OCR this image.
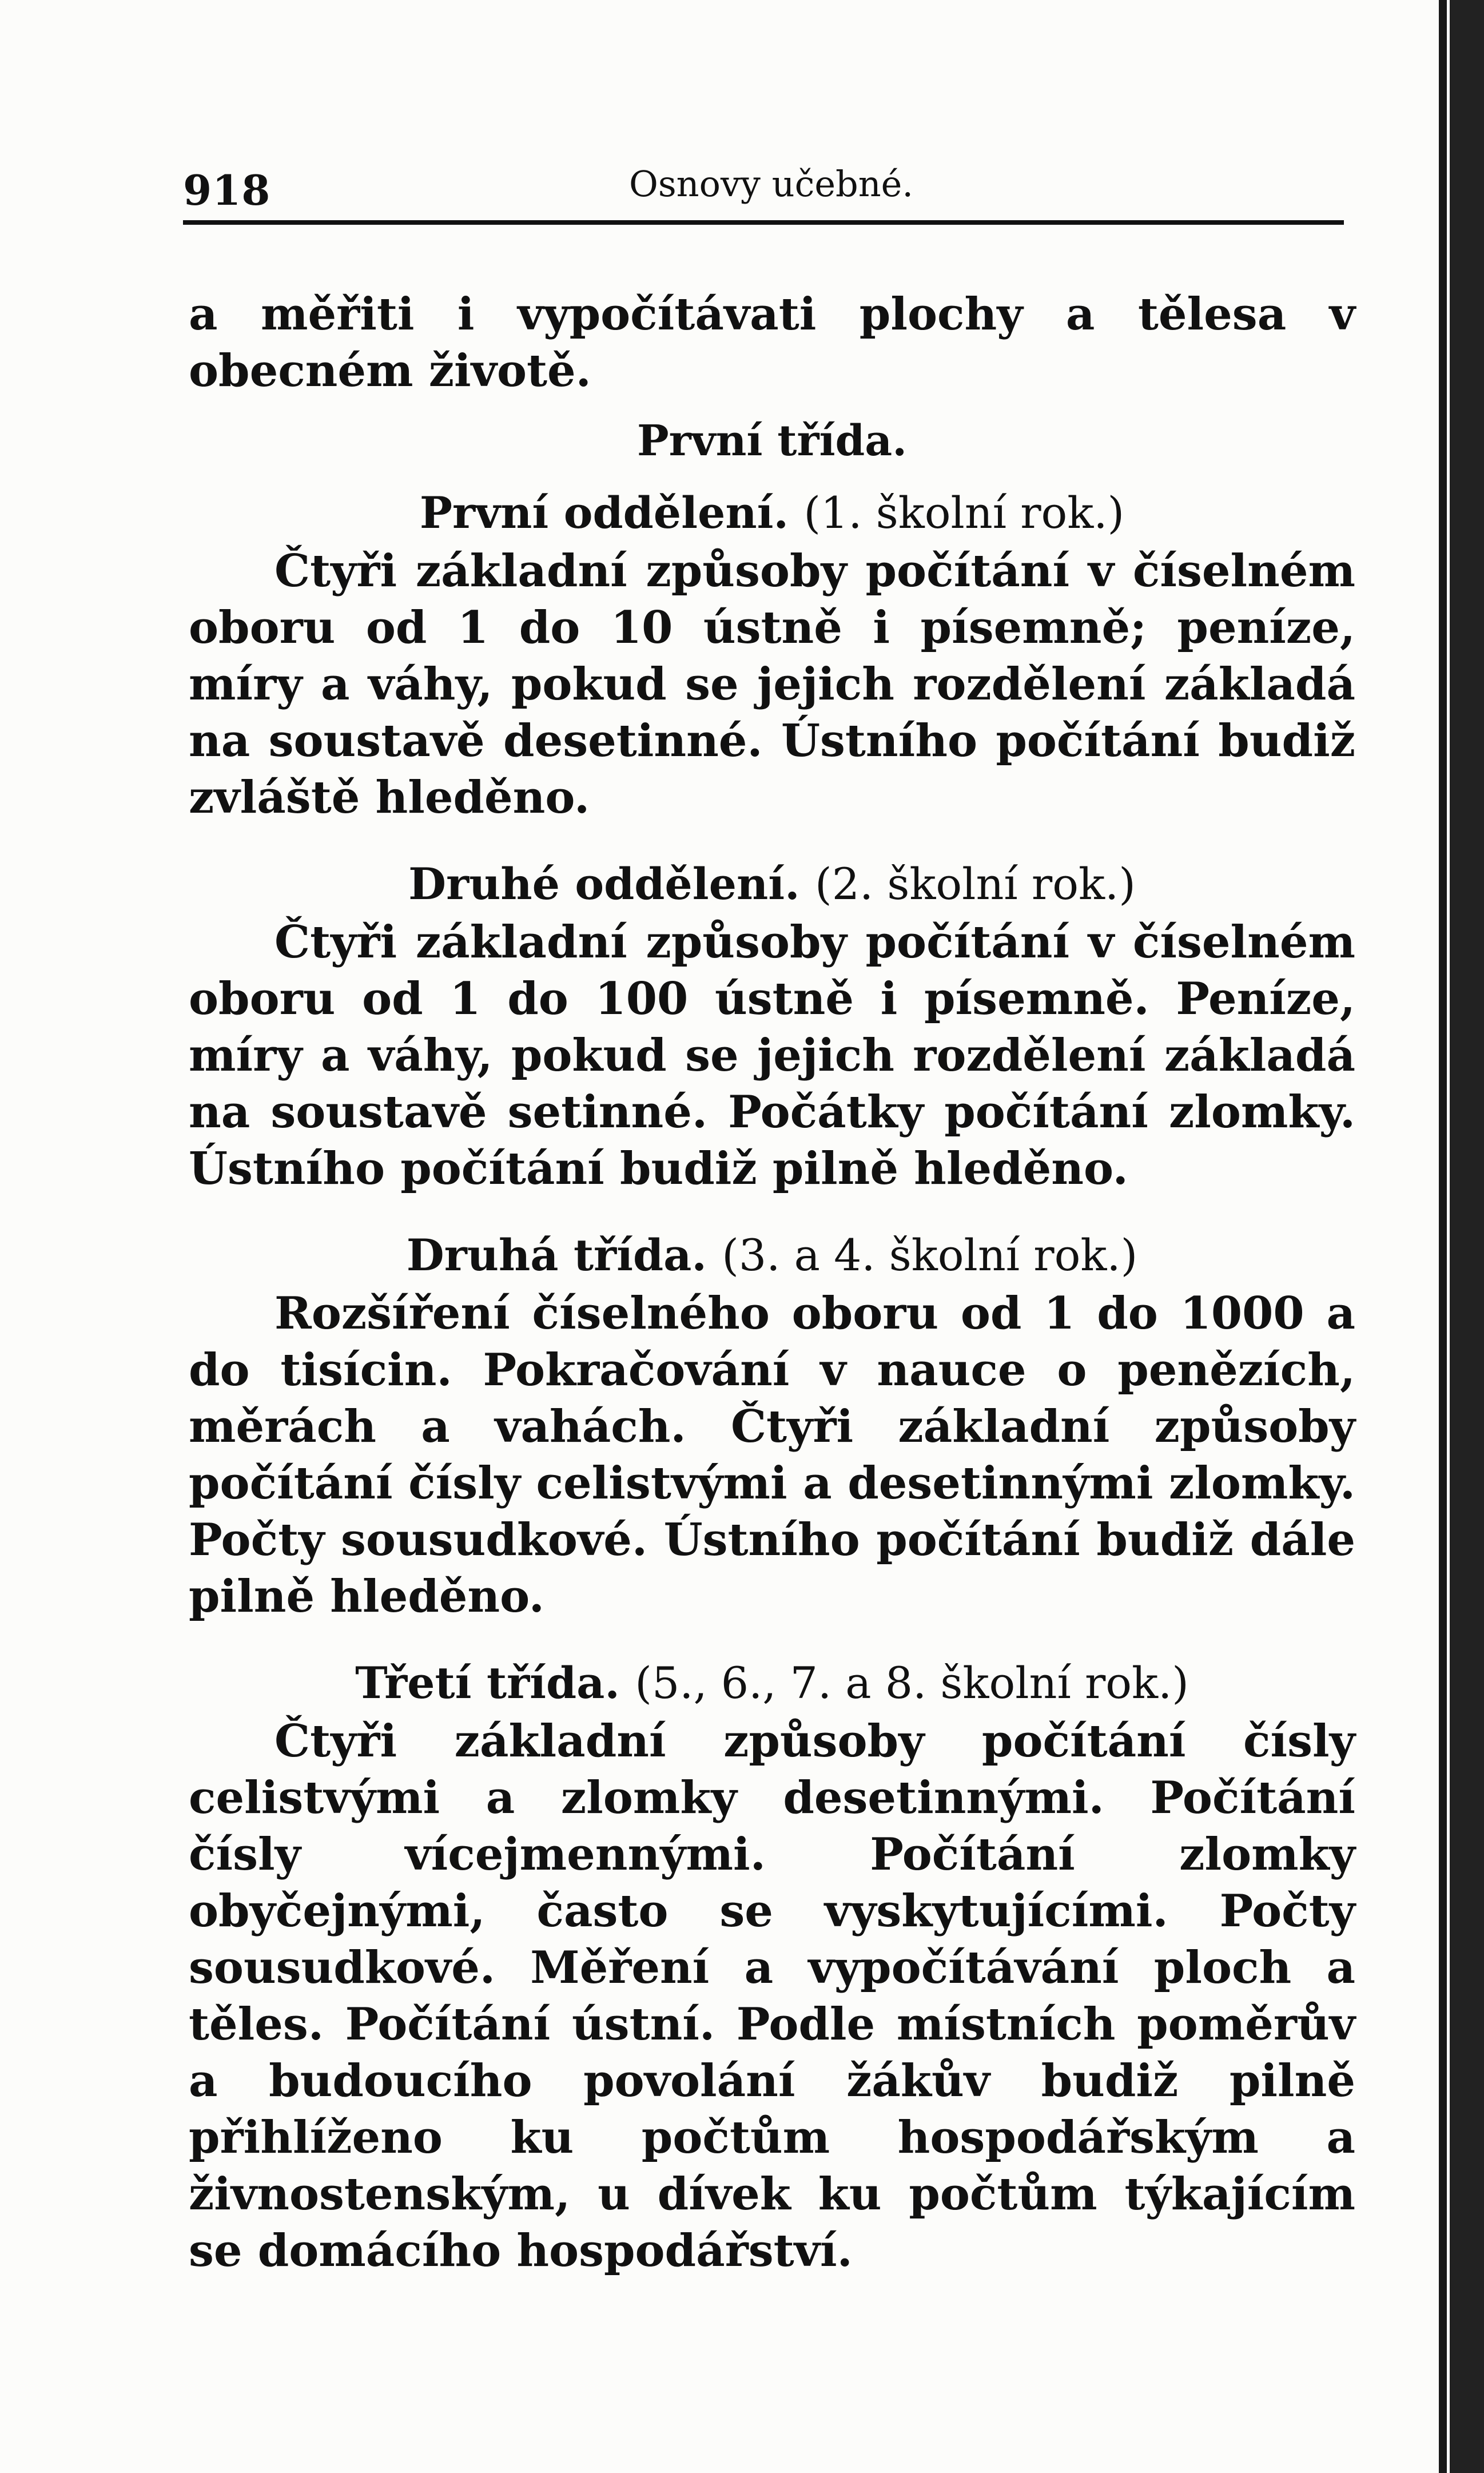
918	Osnovy učebné.

a měřiti i vypočítávati plochy a tělesa v obecném životě.

První třída.

První oddělení. (1. školní rok.)

Čtyři základní způsoby počítání v číselném oboru od 1 do 10 ústně i písemně; peníze, míry a váhy, pokud se jejich rozdělení základá na soustavě desetinné. Ústního počítání budiž zvláště hleděno.

Druhé oddělení. (2. školní rok.)

Čtyři základní způsoby počítání v číselném oboru od 1 do 100 ústně i písemně. Peníze, míry a váhy, pokud se jejich rozdělení základá na soustavě setinné. Počátky počítání zlomky. Ústního počítání budiž pilně hleděno.

Druhá třída. (3. a 4. školní rok.)

Rozšíření číselného oboru od 1 do 1000 a do tisícin. Pokračování v nauce o penězích, měrách a vahách. Čtyři základní způsoby počítání čísly celistvými a desetinnými zlomky. Počty sousudkové. Ústního počítání budiž dále pilně hleděno.

Třetí třída. (5., 6., 7. a 8. školní rok.)

Čtyři základní způsoby počítání čísly celistvými a zlomky desetinnými. Počítání čísly vícejmennými. Počítání zlomky obyčejnými, často se vyskytujícími. Počty sousudkové. Měření a vypočítávání ploch a těles. Počítání ústní. Podle místních poměrův a budoucího povolání žákův budiž pilně přihlíženo ku počtům hospodářským a živnostenským, u dívek ku počtům týkajícím se domácího hospodářství.
